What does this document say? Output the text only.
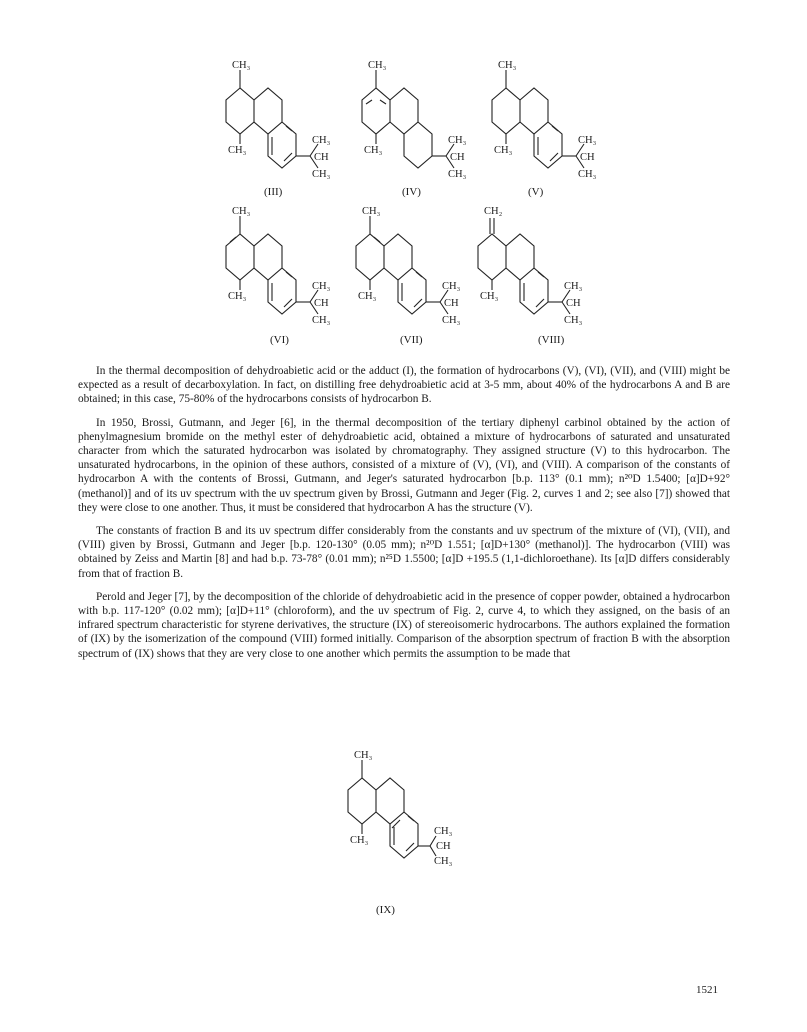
CH₃
CH₃
CH₃
CH
CH₃
(III)
CH₃
CH₃
CH₃
CH
CH₃
(IV)
CH₃
CH₃
CH₃
CH
CH₃
(V)
CH₃
CH₃
CH₃
CH
CH₃
(VI)
CH₃
CH₃
CH₃
CH
CH₃
(VII)
CH₂
CH₃
CH₃
CH
CH₃
(VIII)

In the thermal decomposition of dehydroabietic acid or the adduct (I), the formation of hydrocarbons (V), (VI), (VII), and (VIII) might be expected as a result of decarboxylation. In fact, on distilling free dehydroabietic acid at 3-5 mm, about 40% of the hydrocarbons A and B are obtained; in this case, 75-80% of the hydrocarbons consists of hydrocarbon B.

In 1950, Brossi, Gutmann, and Jeger [6], in the thermal decomposition of the tertiary diphenyl carbinol obtained by the action of phenylmagnesium bromide on the methyl ester of dehydroabietic acid, obtained a mixture of hydrocarbons of saturated and unsaturated character from which the saturated hydrocarbon was isolated by chromatography. They assigned structure (V) to this hydrocarbon. The unsaturated hydrocarbons, in the opinion of these authors, consisted of a mixture of (V), (VI), and (VIII). A comparison of the constants of hydrocarbon A with the contents of Brossi, Gutmann, and Jeger's saturated hydrocarbon [b.p. 113° (0.1 mm); n²⁰D 1.5400; [α]D+92° (methanol)] and of its uv spectrum with the uv spectrum given by Brossi, Gutmann and Jeger (Fig. 2, curves 1 and 2; see also [7]) showed that they were close to one another. Thus, it must be considered that hydrocarbon A has the structure (V).

The constants of fraction B and its uv spectrum differ considerably from the constants and uv spectrum of the mixture of (VI), (VII), and (VIII) given by Brossi, Gutmann and Jeger [b.p. 120-130° (0.05 mm); n²⁰D 1.551; [α]D+130° (methanol)]. The hydrocarbon (VIII) was obtained by Zeiss and Martin [8] and had b.p. 73-78° (0.01 mm); n²⁵D 1.5500; [α]D +195.5 (1,1-dichloroethane). Its [α]D differs considerably from that of fraction B.

Perold and Jeger [7], by the decomposition of the chloride of dehydroabietic acid in the presence of copper powder, obtained a hydrocarbon with b.p. 117-120° (0.02 mm); [α]D+11° (chloroform), and the uv spectrum of Fig. 2, curve 4, to which they assigned, on the basis of an infrared spectrum characteristic for styrene derivatives, the structure (IX) of stereoisomeric hydrocarbons. The authors explained the formation of (IX) by the isomerization of the compound (VIII) formed initially. Comparison of the absorption spectrum of fraction B with the absorption spectrum of (IX) shows that they are very close to one another which permits the assumption to be made that

CH₃
CH₃
CH₃
CH
CH₃
(IX)
1521
